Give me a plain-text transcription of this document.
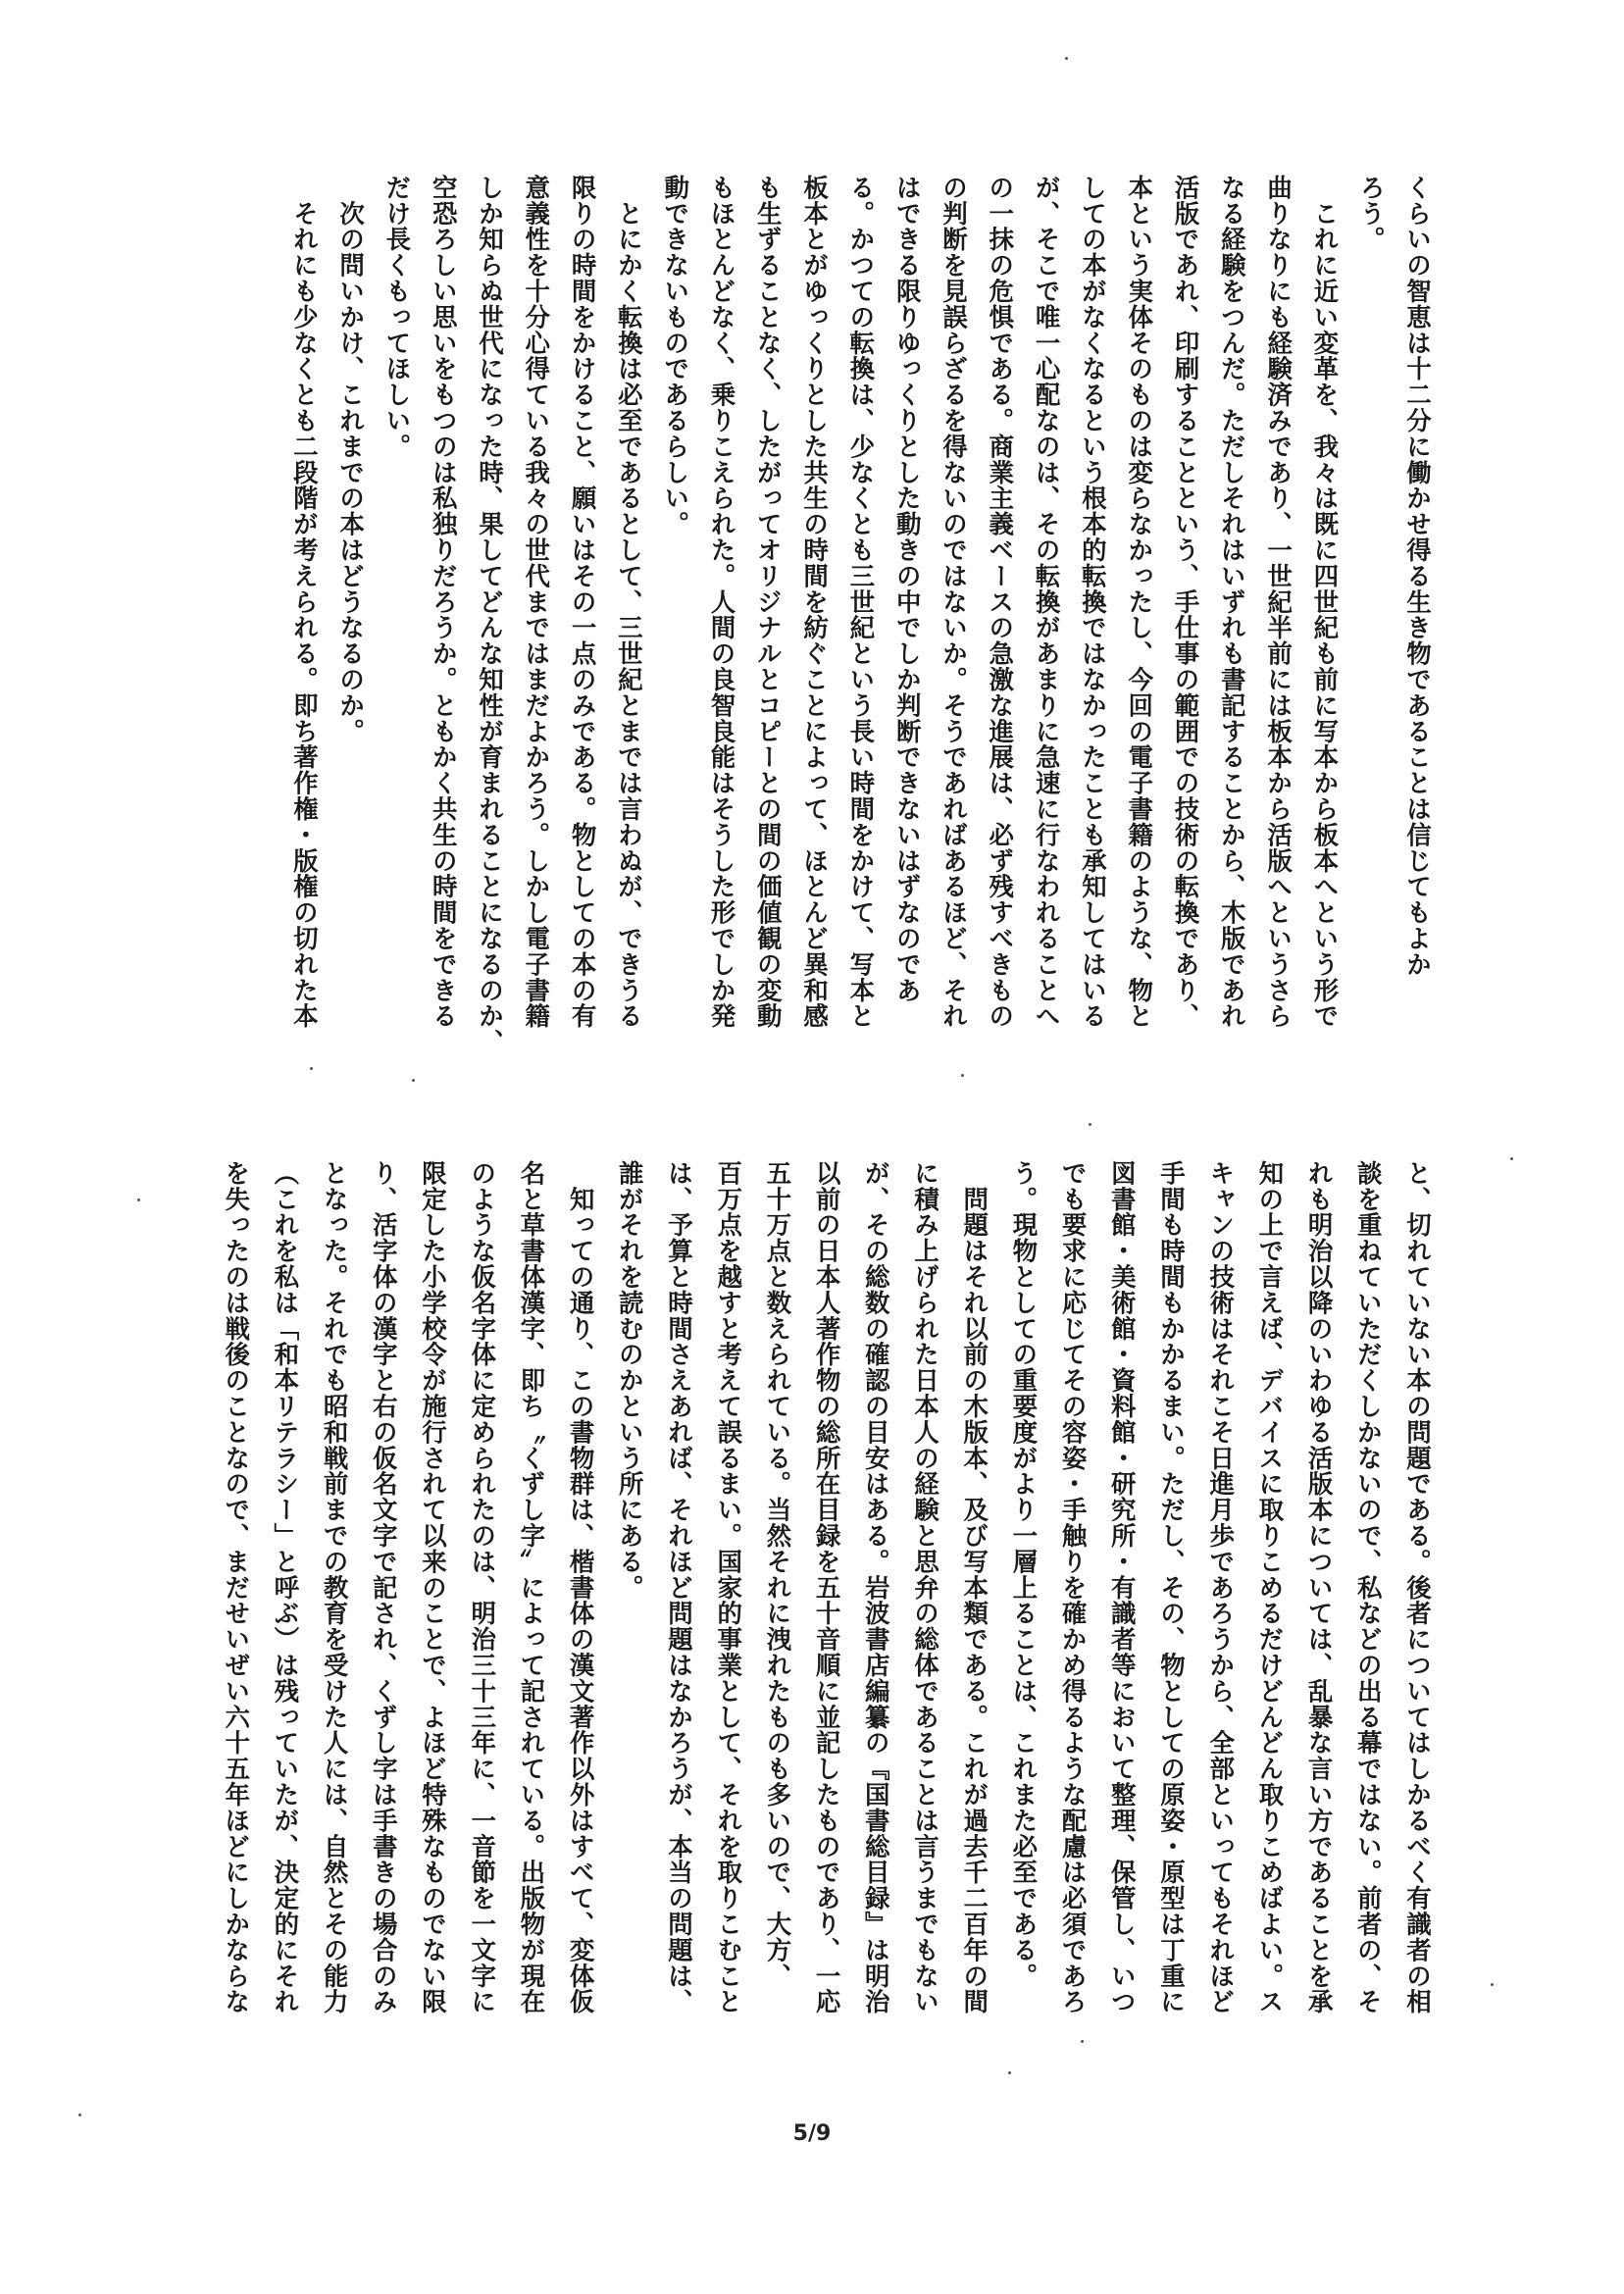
くらいの智恵は十二分に働かせ得る生き物であることは信じてもよか
ろう。
　これに近い変革を、我々は既に四世紀も前に写本から板本へという形で
曲りなりにも経験済みであり、一世紀半前には板本から活版へというさら
なる経験をつんだ。ただしそれはいずれも書記することから、木版であれ
活版であれ、印刷することという、手仕事の範囲での技術の転換であり、
本という実体そのものは変らなかったし、今回の電子書籍のような、物と
しての本がなくなるという根本的転換ではなかったことも承知してはいる
が、そこで唯一心配なのは、その転換があまりに急速に行なわれることへ
の一抹の危惧である。商業主義ベースの急激な進展は、必ず残すべきもの
の判断を見誤らざるを得ないのではないか。そうであればあるほど、それ
はできる限りゆっくりとした動きの中でしか判断できないはずなのであ
る。かつての転換は、少なくとも三世紀という長い時間をかけて、写本と
板本とがゆっくりとした共生の時間を紡ぐことによって、ほとんど異和感
も生ずることなく、したがってオリジナルとコピーとの間の価値観の変動
もほとんどなく、乗りこえられた。人間の良智良能はそうした形でしか発
動できないものであるらしい。
　とにかく転換は必至であるとして、三世紀とまでは言わぬが、できうる
限りの時間をかけること、願いはその一点のみである。物としての本の有
意義性を十分心得ている我々の世代まではまだよかろう。しかし電子書籍
しか知らぬ世代になった時、果してどんな知性が育まれることになるのか、
空恐ろしい思いをもつのは私独りだろうか。ともかく共生の時間をできる
だけ長くもってほしい。
　次の問いかけ、これまでの本はどうなるのか。
　それにも少なくとも二段階が考えられる。即ち著作権・版権の切れた本
と、切れていない本の問題である。後者についてはしかるべく有識者の相
談を重ねていただくしかないので、私などの出る幕ではない。前者の、そ
れも明治以降のいわゆる活版本については、乱暴な言い方であることを承
知の上で言えば、デバイスに取りこめるだけどんどん取りこめばよい。ス
キャンの技術はそれこそ日進月歩であろうから、全部といってもそれほど
手間も時間もかかるまい。ただし、その、物としての原姿・原型は丁重に
図書館・美術館・資料館・研究所・有識者等において整理、保管し、いつ
でも要求に応じてその容姿・手触りを確かめ得るような配慮は必須であろ
う。現物としての重要度がより一層上ることは、これまた必至である。
　問題はそれ以前の木版本、及び写本類である。これが過去千二百年の間
に積み上げられた日本人の経験と思弁の総体であることは言うまでもない
が、その総数の確認の目安はある。岩波書店編纂の『国書総目録』は明治
以前の日本人著作物の総所在目録を五十音順に並記したものであり、一応
五十万点と数えられている。当然それに洩れたものも多いので、大方、
百万点を越すと考えて誤るまい。国家的事業として、それを取りこむこと
は、予算と時間さえあれば、それほど問題はなかろうが、本当の問題は、
誰がそれを読むのかという所にある。
　知っての通り、この書物群は、楷書体の漢文著作以外はすべて、変体仮
名と草書体漢字、即ち〝くずし字〟によって記されている。出版物が現在
のような仮名字体に定められたのは、明治三十三年に、一音節を一文字に
限定した小学校令が施行されて以来のことで、よほど特殊なものでない限
り、活字体の漢字と右の仮名文字で記され、くずし字は手書きの場合のみ
となった。それでも昭和戦前までの教育を受けた人には、自然とその能力
（これを私は「和本リテラシー」と呼ぶ）は残っていたが、決定的にそれ
を失ったのは戦後のことなので、まだせいぜい六十五年ほどにしかならな
5/9
